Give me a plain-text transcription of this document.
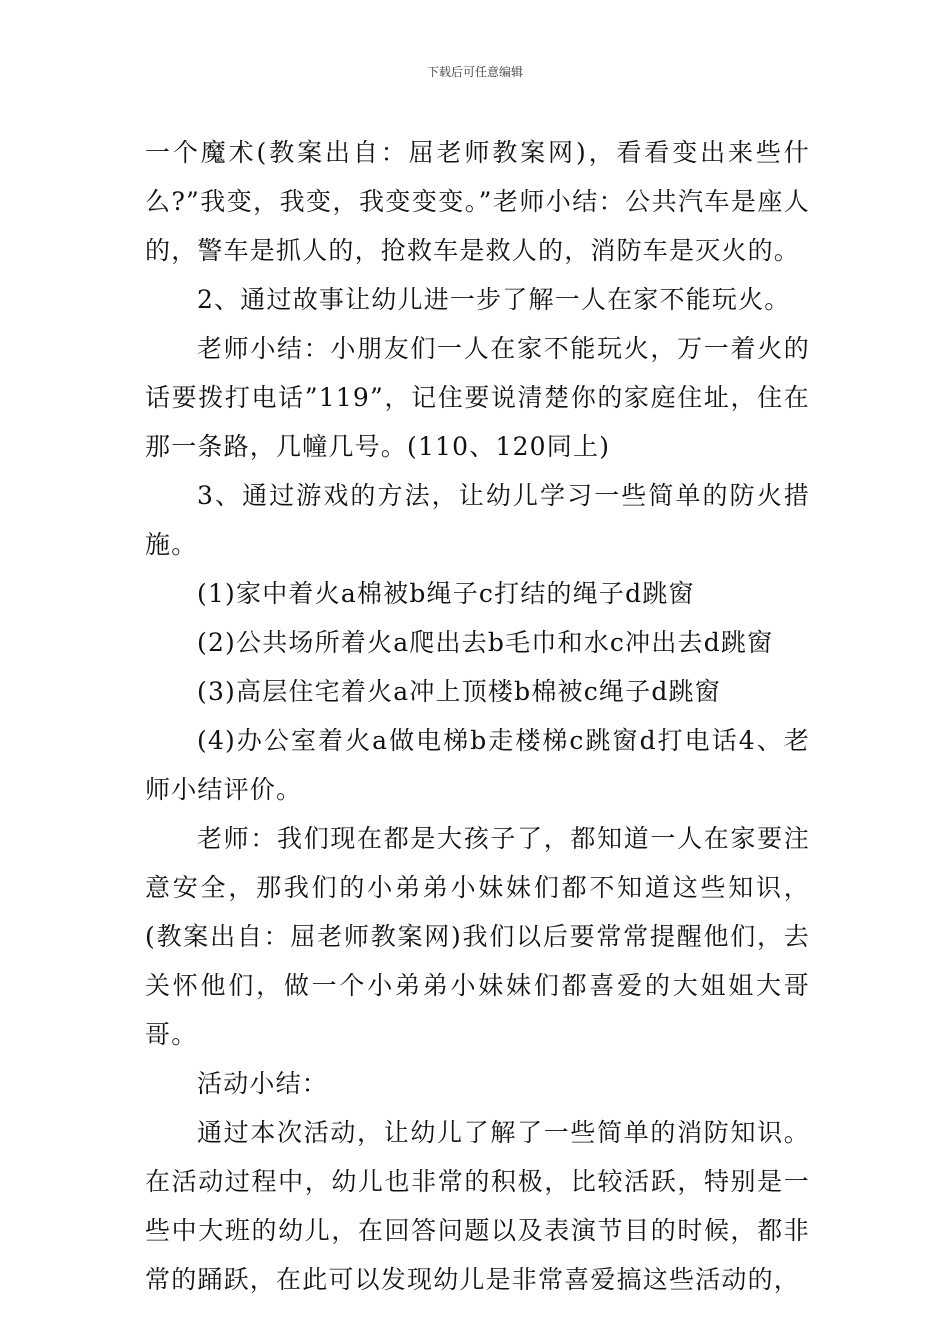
下载后可任意编辑

一个魔术(教案出自：屈老师教案网)，看看变出来些什么?”我变，我变，我变变变。”老师小结：公共汽车是座人的，警车是抓人的，抢救车是救人的，消防车是灭火的。

2、通过故事让幼儿进一步了解一人在家不能玩火。

老师小结：小朋友们一人在家不能玩火，万一着火的话要拨打电话”119”，记住要说清楚你的家庭住址，住在那一条路，几幢几号。(110、120同上)

3、通过游戏的方法，让幼儿学习一些简单的防火措施。

(1)家中着火a棉被b绳子c打结的绳子d跳窗

(2)公共场所着火a爬出去b毛巾和水c冲出去d跳窗

(3)高层住宅着火a冲上顶楼b棉被c绳子d跳窗

(4)办公室着火a做电梯b走楼梯c跳窗d打电话4、老师小结评价。

老师：我们现在都是大孩子了，都知道一人在家要注意安全，那我们的小弟弟小妹妹们都不知道这些知识，(教案出自：屈老师教案网)我们以后要常常提醒他们，去关怀他们，做一个小弟弟小妹妹们都喜爱的大姐姐大哥哥。

活动小结：

通过本次活动，让幼儿了解了一些简单的消防知识。在活动过程中，幼儿也非常的积极，比较活跃，特别是一些中大班的幼儿，在回答问题以及表演节目的时候，都非常的踊跃，在此可以发现幼儿是非常喜爱搞这些活动的，
